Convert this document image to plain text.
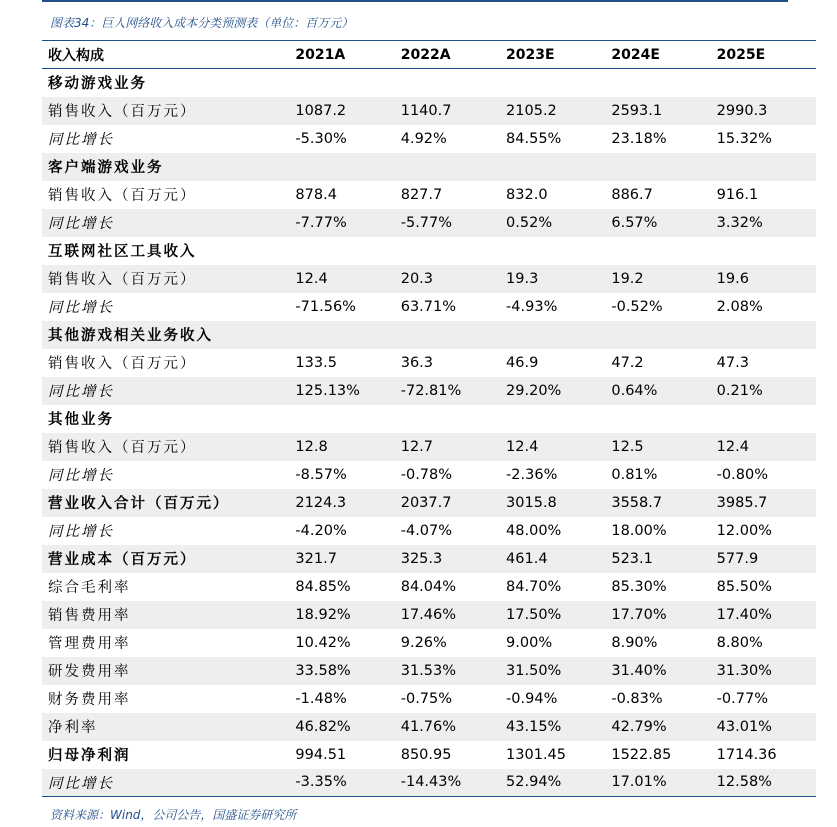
图表34：巨人网络收入成本分类预测表（单位：百万元）
收入构成	2021A	2022A	2023E	2024E	2025E
移动游戏业务					
销售收入（百万元）	1087.2	1140.7	2105.2	2593.1	2990.3
同比增长	-5.30%	4.92%	84.55%	23.18%	15.32%
客户端游戏业务					
销售收入（百万元）	878.4	827.7	832.0	886.7	916.1
同比增长	-7.77%	-5.77%	0.52%	6.57%	3.32%
互联网社区工具收入					
销售收入（百万元）	12.4	20.3	19.3	19.2	19.6
同比增长	-71.56%	63.71%	-4.93%	-0.52%	2.08%
其他游戏相关业务收入					
销售收入（百万元）	133.5	36.3	46.9	47.2	47.3
同比增长	125.13%	-72.81%	29.20%	0.64%	0.21%
其他业务					
销售收入（百万元）	12.8	12.7	12.4	12.5	12.4
同比增长	-8.57%	-0.78%	-2.36%	0.81%	-0.80%
营业收入合计（百万元）	2124.3	2037.7	3015.8	3558.7	3985.7
同比增长	-4.20%	-4.07%	48.00%	18.00%	12.00%
营业成本（百万元）	321.7	325.3	461.4	523.1	577.9
综合毛利率	84.85%	84.04%	84.70%	85.30%	85.50%
销售费用率	18.92%	17.46%	17.50%	17.70%	17.40%
管理费用率	10.42%	9.26%	9.00%	8.90%	8.80%
研发费用率	33.58%	31.53%	31.50%	31.40%	31.30%
财务费用率	-1.48%	-0.75%	-0.94%	-0.83%	-0.77%
净利率	46.82%	41.76%	43.15%	42.79%	43.01%
归母净利润	994.51	850.95	1301.45	1522.85	1714.36
同比增长	-3.35%	-14.43%	52.94%	17.01%	12.58%
资料来源：Wind，公司公告，国盛证券研究所
